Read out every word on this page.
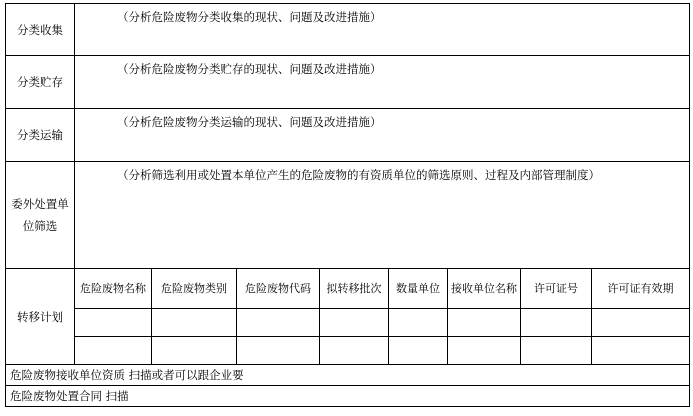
分类收集	（分析危险废物分类收集的现状、问题及改进措施）							
分类贮存	（分析危险废物分类贮存的现状、问题及改进措施）							
分类运输	（分析危险废物分类运输的现状、问题及改进措施）							
委外处置单位筛选	（分析筛选利用或处置本单位产生的危险废物的有资质单位的筛选原则、过程及内部管理制度）							
转移计划	危险废物名称	危险废物类别	危险废物代码	拟转移批次	数量单位	接收单位名称	许可证号	许可证有效期

危险废物接收单位资质 扫描或者可以跟企业要								
危险废物处置合同 扫描								
